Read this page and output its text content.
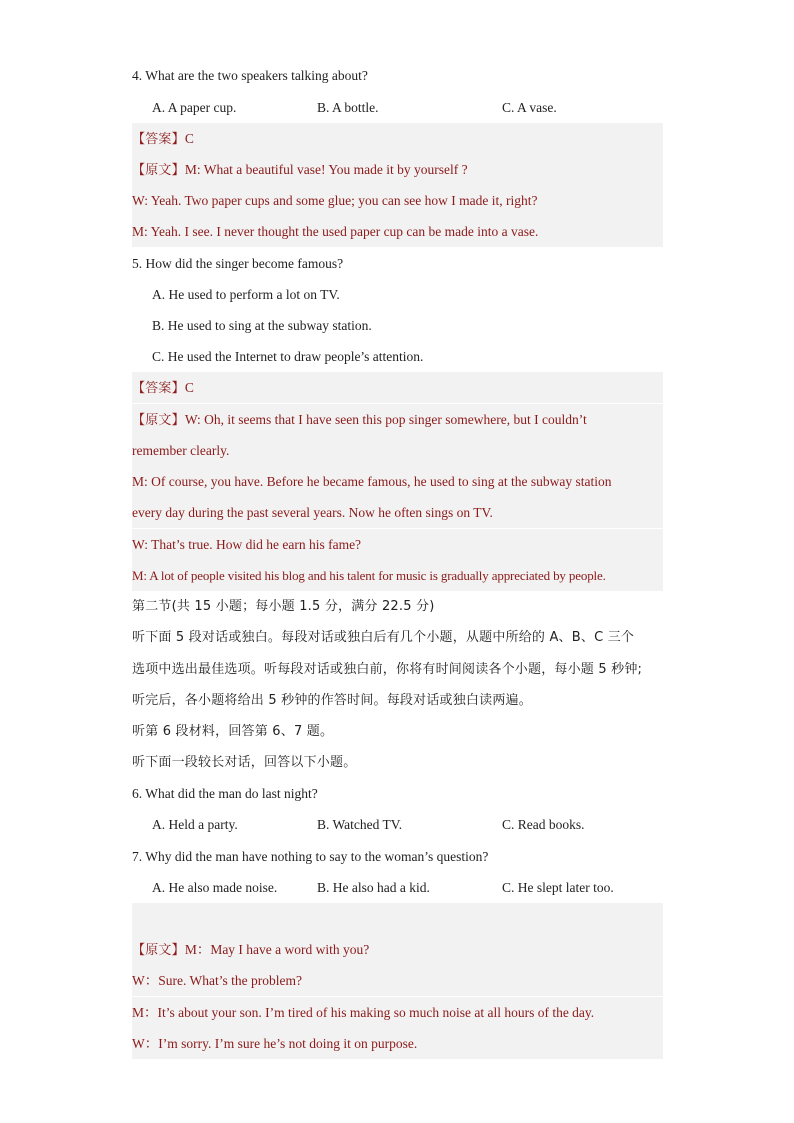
4. What are the two speakers talking about?
A. A paper cup.	B. A bottle.	C. A vase.
【答案】C
【原文】M: What a beautiful vase! You made it by yourself ?
W: Yeah. Two paper cups and some glue; you can see how I made it, right?
M: Yeah. I see. I never thought the used paper cup can be made into a vase.
5. How did the singer become famous?
A. He used to perform a lot on TV.
B. He used to sing at the subway station.
C. He used the Internet to draw people’s attention.
【答案】C
【原文】W: Oh, it seems that I have seen this pop singer somewhere, but I couldn’t
remember clearly.
M: Of course, you have. Before he became famous, he used to sing at the subway station
every day during the past several years. Now he often sings on TV.
W: That’s true. How did he earn his fame?
M: A lot of people visited his blog and his talent for music is gradually appreciated by people.
第二节(共 15 小题；每小题 1.5 分，满分 22.5 分)
听下面 5 段对话或独白。每段对话或独白后有几个小题，从题中所给的 A、B、C 三个
选项中选出最佳选项。听每段对话或独白前，你将有时间阅读各个小题，每小题 5 秒钟;
听完后，各小题将给出 5 秒钟的作答时间。每段对话或独白读两遍。
听第 6 段材料，回答第 6、7 题。
听下面一段较长对话，回答以下小题。
6. What did the man do last night?
A. Held a party.	B. Watched TV.	C. Read books.
7. Why did the man have nothing to say to the woman’s question?
A. He also made noise.	B. He also had a kid.	C. He slept later too.

【原文】M：May I have a word with you?
W：Sure. What’s the problem?
M：It’s about your son. I’m tired of his making so much noise at all hours of the day.
W：I’m sorry. I’m sure he’s not doing it on purpose.
